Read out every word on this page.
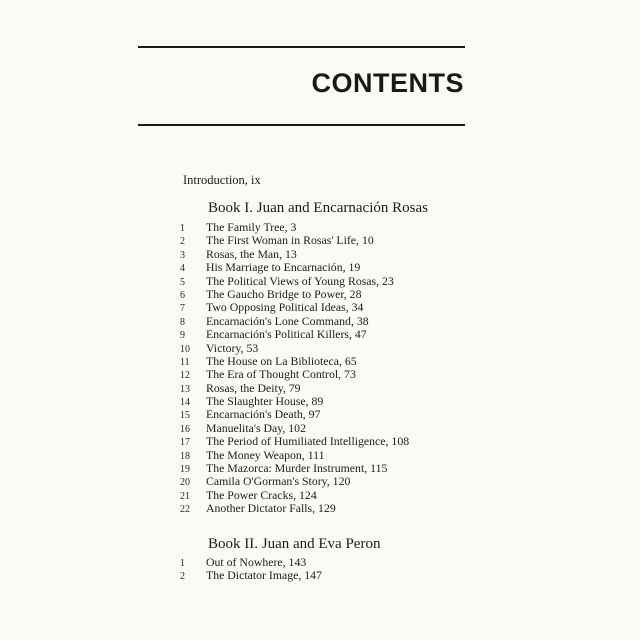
CONTENTS
Introduction, ix
Book I. Juan and Encarnación Rosas
1	The Family Tree, 3
2	The First Woman in Rosas' Life, 10
3	Rosas, the Man, 13
4	His Marriage to Encarnación, 19
5	The Political Views of Young Rosas, 23
6	The Gaucho Bridge to Power, 28
7	Two Opposing Political Ideas, 34
8	Encarnación's Lone Command, 38
9	Encarnación's Political Killers, 47
10	Victory, 53
11	The House on La Biblioteca, 65
12	The Era of Thought Control, 73
13	Rosas, the Deity, 79
14	The Slaughter House, 89
15	Encarnación's Death, 97
16	Manuelita's Day, 102
17	The Period of Humiliated Intelligence, 108
18	The Money Weapon, 111
19	The Mazorca: Murder Instrument, 115
20	Camila O'Gorman's Story, 120
21	The Power Cracks, 124
22	Another Dictator Falls, 129
Book II. Juan and Eva Peron
1	Out of Nowhere, 143
2	The Dictator Image, 147
